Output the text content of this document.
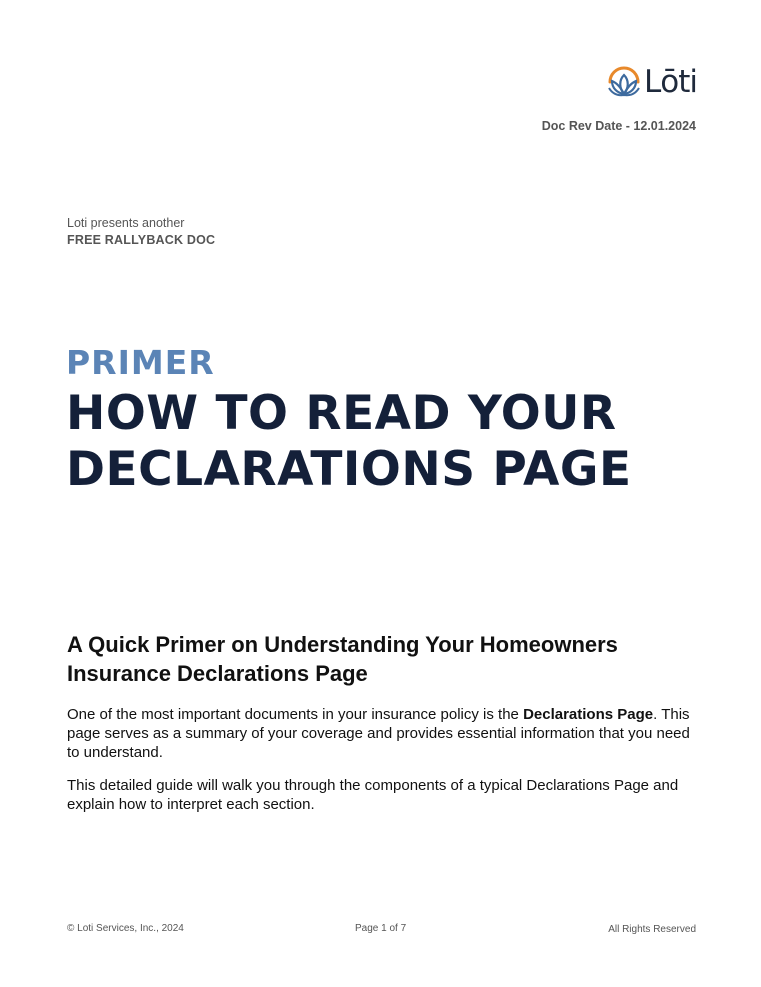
Lōti
Doc Rev Date - 12.01.2024
Loti presents another
FREE RALLYBACK DOC
PRIMER
HOW TO READ YOUR
DECLARATIONS PAGE
A Quick Primer on Understanding Your Homeowners Insurance Declarations Page
One of the most important documents in your insurance policy is the Declarations Page. This page serves as a summary of your coverage and provides essential information that you need to understand.
This detailed guide will walk you through the components of a typical Declarations Page and explain how to interpret each section.
© Loti Services, Inc., 2024	Page 1 of 7	All Rights Reserved
